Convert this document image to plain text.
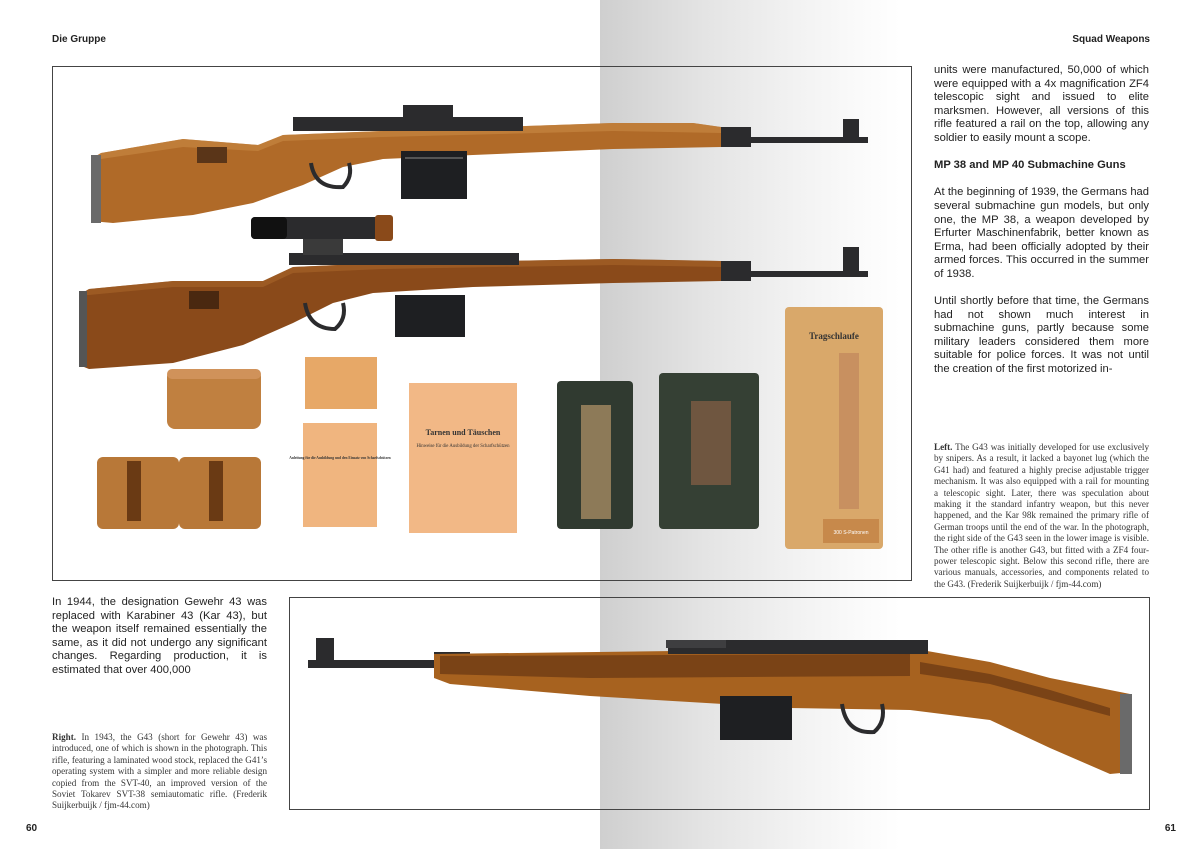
Die Gruppe	Squad Weapons
Tarnen und Täuschen
Hinweise für die Ausbildung der Scharfschützen
Anleitung für die Ausbildung und den Einsatz von Scharfschützen
Tragschlaufe
300 S-Patronen

units were manufactured, 50,000 of which were equipped with a 4x magnification ZF4 telescopic sight and issued to elite marksmen. However, all versions of this rifle featured a rail on the top, allowing any soldier to easily mount a scope.

MP 38 and MP 40 Submachine Guns

At the beginning of 1939, the Germans had several submachine gun models, but only one, the MP 38, a weapon developed by Erfurter Maschinenfabrik, better known as Erma, had been officially adopted by their armed forces. This occurred in the summer of 1938.

Until shortly before that time, the Germans had not shown much interest in submachine guns, partly because some military leaders considered them more suitable for police forces. It was not until the creation of the first motorized in-

Left. The G43 was initially developed for use exclusively by snipers. As a result, it lacked a bayonet lug (which the G41 had) and featured a highly precise adjustable trigger mechanism. It was also equipped with a rail for mounting a telescopic sight. Later, there was speculation about making it the standard infantry weapon, but this never happened, and the Kar 98k remained the primary rifle of German troops until the end of the war. In the photograph, the right side of the G43 seen in the lower image is visible. The other rifle is another G43, but fitted with a ZF4 four-power telescopic sight. Below this second rifle, there are various manuals, accessories, and components related to the G43. (Frederik Suijkerbuijk / fjm-44.com)

In 1944, the designation Gewehr 43 was replaced with Karabiner 43 (Kar 43), but the weapon itself remained essentially the same, as it did not undergo any significant changes. Regarding production, it is estimated that over 400,000

Right. In 1943, the G43 (short for Gewehr 43) was introduced, one of which is shown in the photograph. This rifle, featuring a laminated wood stock, replaced the G41’s operating system with a simpler and more reliable design copied from the SVT-40, an improved version of the Soviet Tokarev SVT-38 semiautomatic rifle. (Frederik Suijkerbuijk / fjm-44.com)
60	61
